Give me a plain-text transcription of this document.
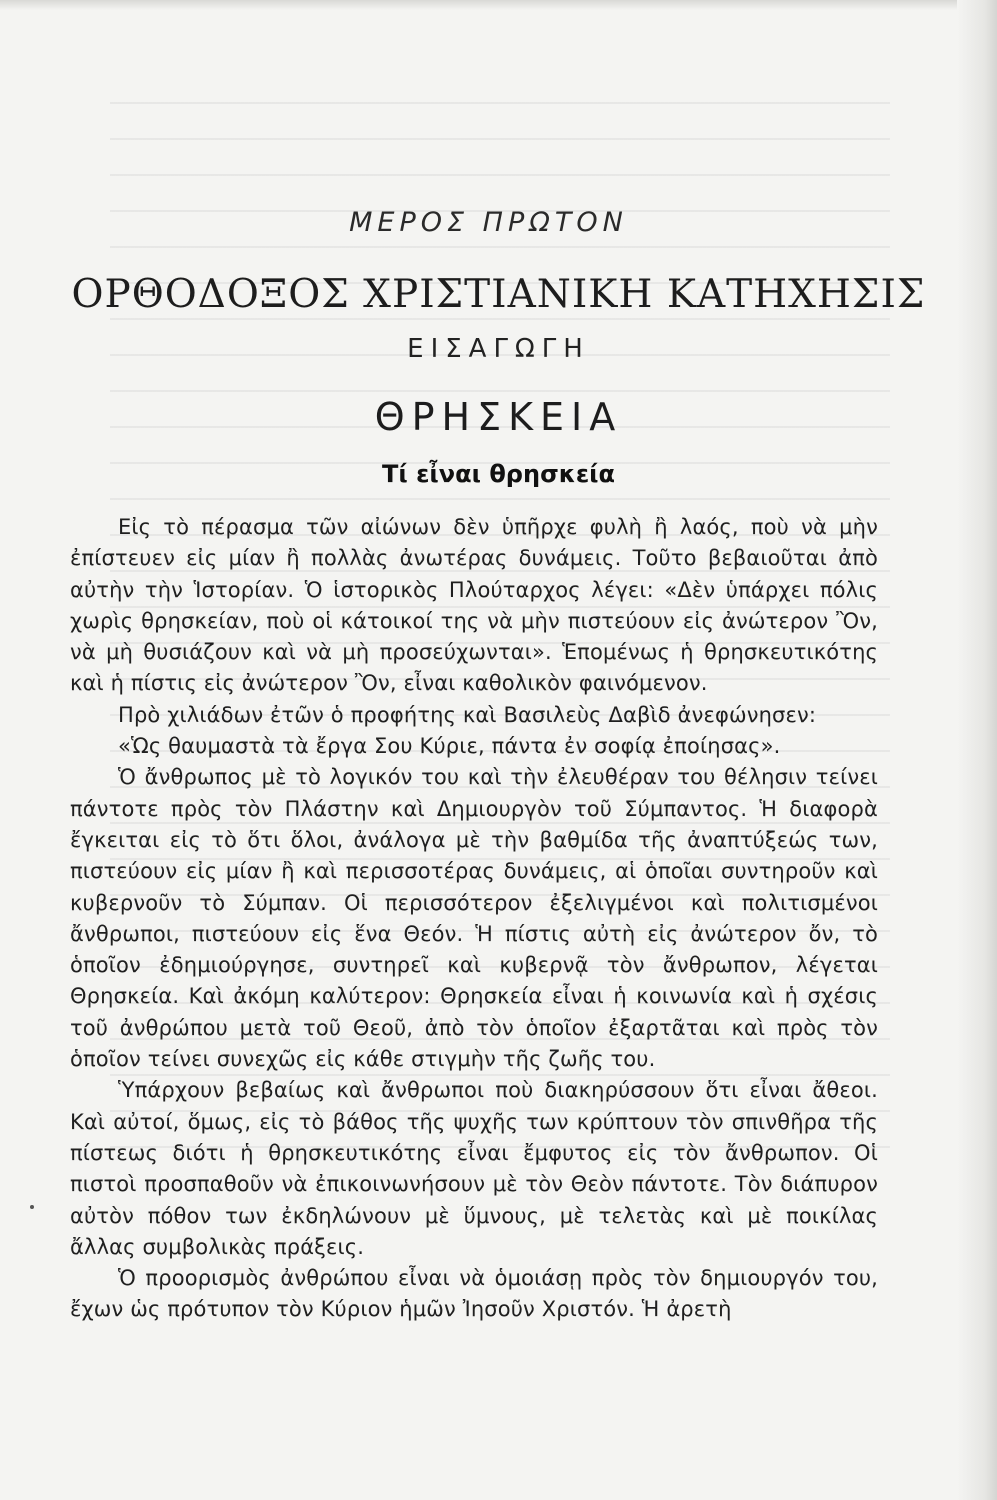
ΜΕΡΟΣ ΠΡΩΤΟΝ
ΟΡΘΟΔΟΞΟΣ ΧΡΙΣΤΙΑΝΙΚΗ ΚΑΤΗΧΗΣΙΣ
ΕΙΣΑΓΩΓΗ
ΘΡΗΣΚΕΙΑ
Τί εἶναι θρησκεία

Εἰς τὸ πέρασμα τῶν αἰώνων δὲν ὑπῆρχε φυλὴ ἢ λαός, ποὺ νὰ μὴν ἐπίστευεν εἰς μίαν ἢ πολλὰς ἀνωτέρας δυνάμεις. Τοῦτο βεβαιοῦται ἀπὸ αὐτὴν τὴν Ἱστορίαν. Ὁ ἱστορικὸς Πλούταρχος λέγει: «Δὲν ὑπάρχει πόλις χωρὶς θρησκείαν, ποὺ οἱ κάτοικοί της νὰ μὴν πιστεύουν εἰς ἀνώτερον Ὂν, νὰ μὴ θυσιάζουν καὶ νὰ μὴ προσεύχωνται». Ἑπομένως ἡ θρησκευτικότης καὶ ἡ πίστις εἰς ἀνώτερον Ὂν, εἶναι καθολικὸν φαινόμενον.

Πρὸ χιλιάδων ἐτῶν ὁ προφήτης καὶ Βασιλεὺς Δαβὶδ ἀνεφώνησεν:

«Ὡς θαυμαστὰ τὰ ἔργα Σου Κύριε, πάντα ἐν σοφίᾳ ἐποίησας».

Ὁ ἄνθρωπος μὲ τὸ λογικόν του καὶ τὴν ἐλευθέραν του θέλησιν τείνει πάντοτε πρὸς τὸν Πλάστην καὶ Δημιουργὸν τοῦ Σύμπαντος. Ἡ διαφορὰ ἔγκειται εἰς τὸ ὅτι ὅλοι, ἀνάλογα μὲ τὴν βαθμίδα τῆς ἀναπτύξεώς των, πιστεύουν εἰς μίαν ἢ καὶ περισσοτέρας δυνάμεις, αἱ ὁποῖαι συντηροῦν καὶ κυβερνοῦν τὸ Σύμπαν. Οἱ περισσότερον ἐξελιγμένοι καὶ πολιτισμένοι ἄνθρωποι, πιστεύουν εἰς ἕνα Θεόν. Ἡ πίστις αὐτὴ εἰς ἀνώτερον ὄν, τὸ ὁποῖον ἐδημιούργησε, συντηρεῖ καὶ κυβερνᾷ τὸν ἄνθρωπον, λέγεται Θρησκεία. Καὶ ἀκόμη καλύτερον: Θρησκεία εἶναι ἡ κοινωνία καὶ ἡ σχέσις τοῦ ἀνθρώπου μετὰ τοῦ Θεοῦ, ἀπὸ τὸν ὁποῖον ἐξαρτᾶται καὶ πρὸς τὸν ὁποῖον τείνει συνεχῶς εἰς κάθε στιγμὴν τῆς ζωῆς του.

Ὑπάρχουν βεβαίως καὶ ἄνθρωποι ποὺ διακηρύσσουν ὅτι εἶναι ἄθεοι. Καὶ αὐτοί, ὅμως, εἰς τὸ βάθος τῆς ψυχῆς των κρύπτουν τὸν σπινθῆρα τῆς πίστεως διότι ἡ θρησκευτικότης εἶναι ἔμφυτος εἰς τὸν ἄνθρωπον. Οἱ πιστοὶ προσπαθοῦν νὰ ἐπικοινωνήσουν μὲ τὸν Θεὸν πάντοτε. Τὸν διάπυρον αὐτὸν πόθον των ἐκδηλώνουν μὲ ὕμνους, μὲ τελετὰς καὶ μὲ ποικίλας ἄλλας συμβολικὰς πράξεις.

Ὁ προορισμὸς ἀνθρώπου εἶναι νὰ ὁμοιάσῃ πρὸς τὸν δημιουργόν του, ἔχων ὡς πρότυπον τὸν Κύριον ἡμῶν Ἰησοῦν Χριστόν. Ἡ ἀρετὴ
